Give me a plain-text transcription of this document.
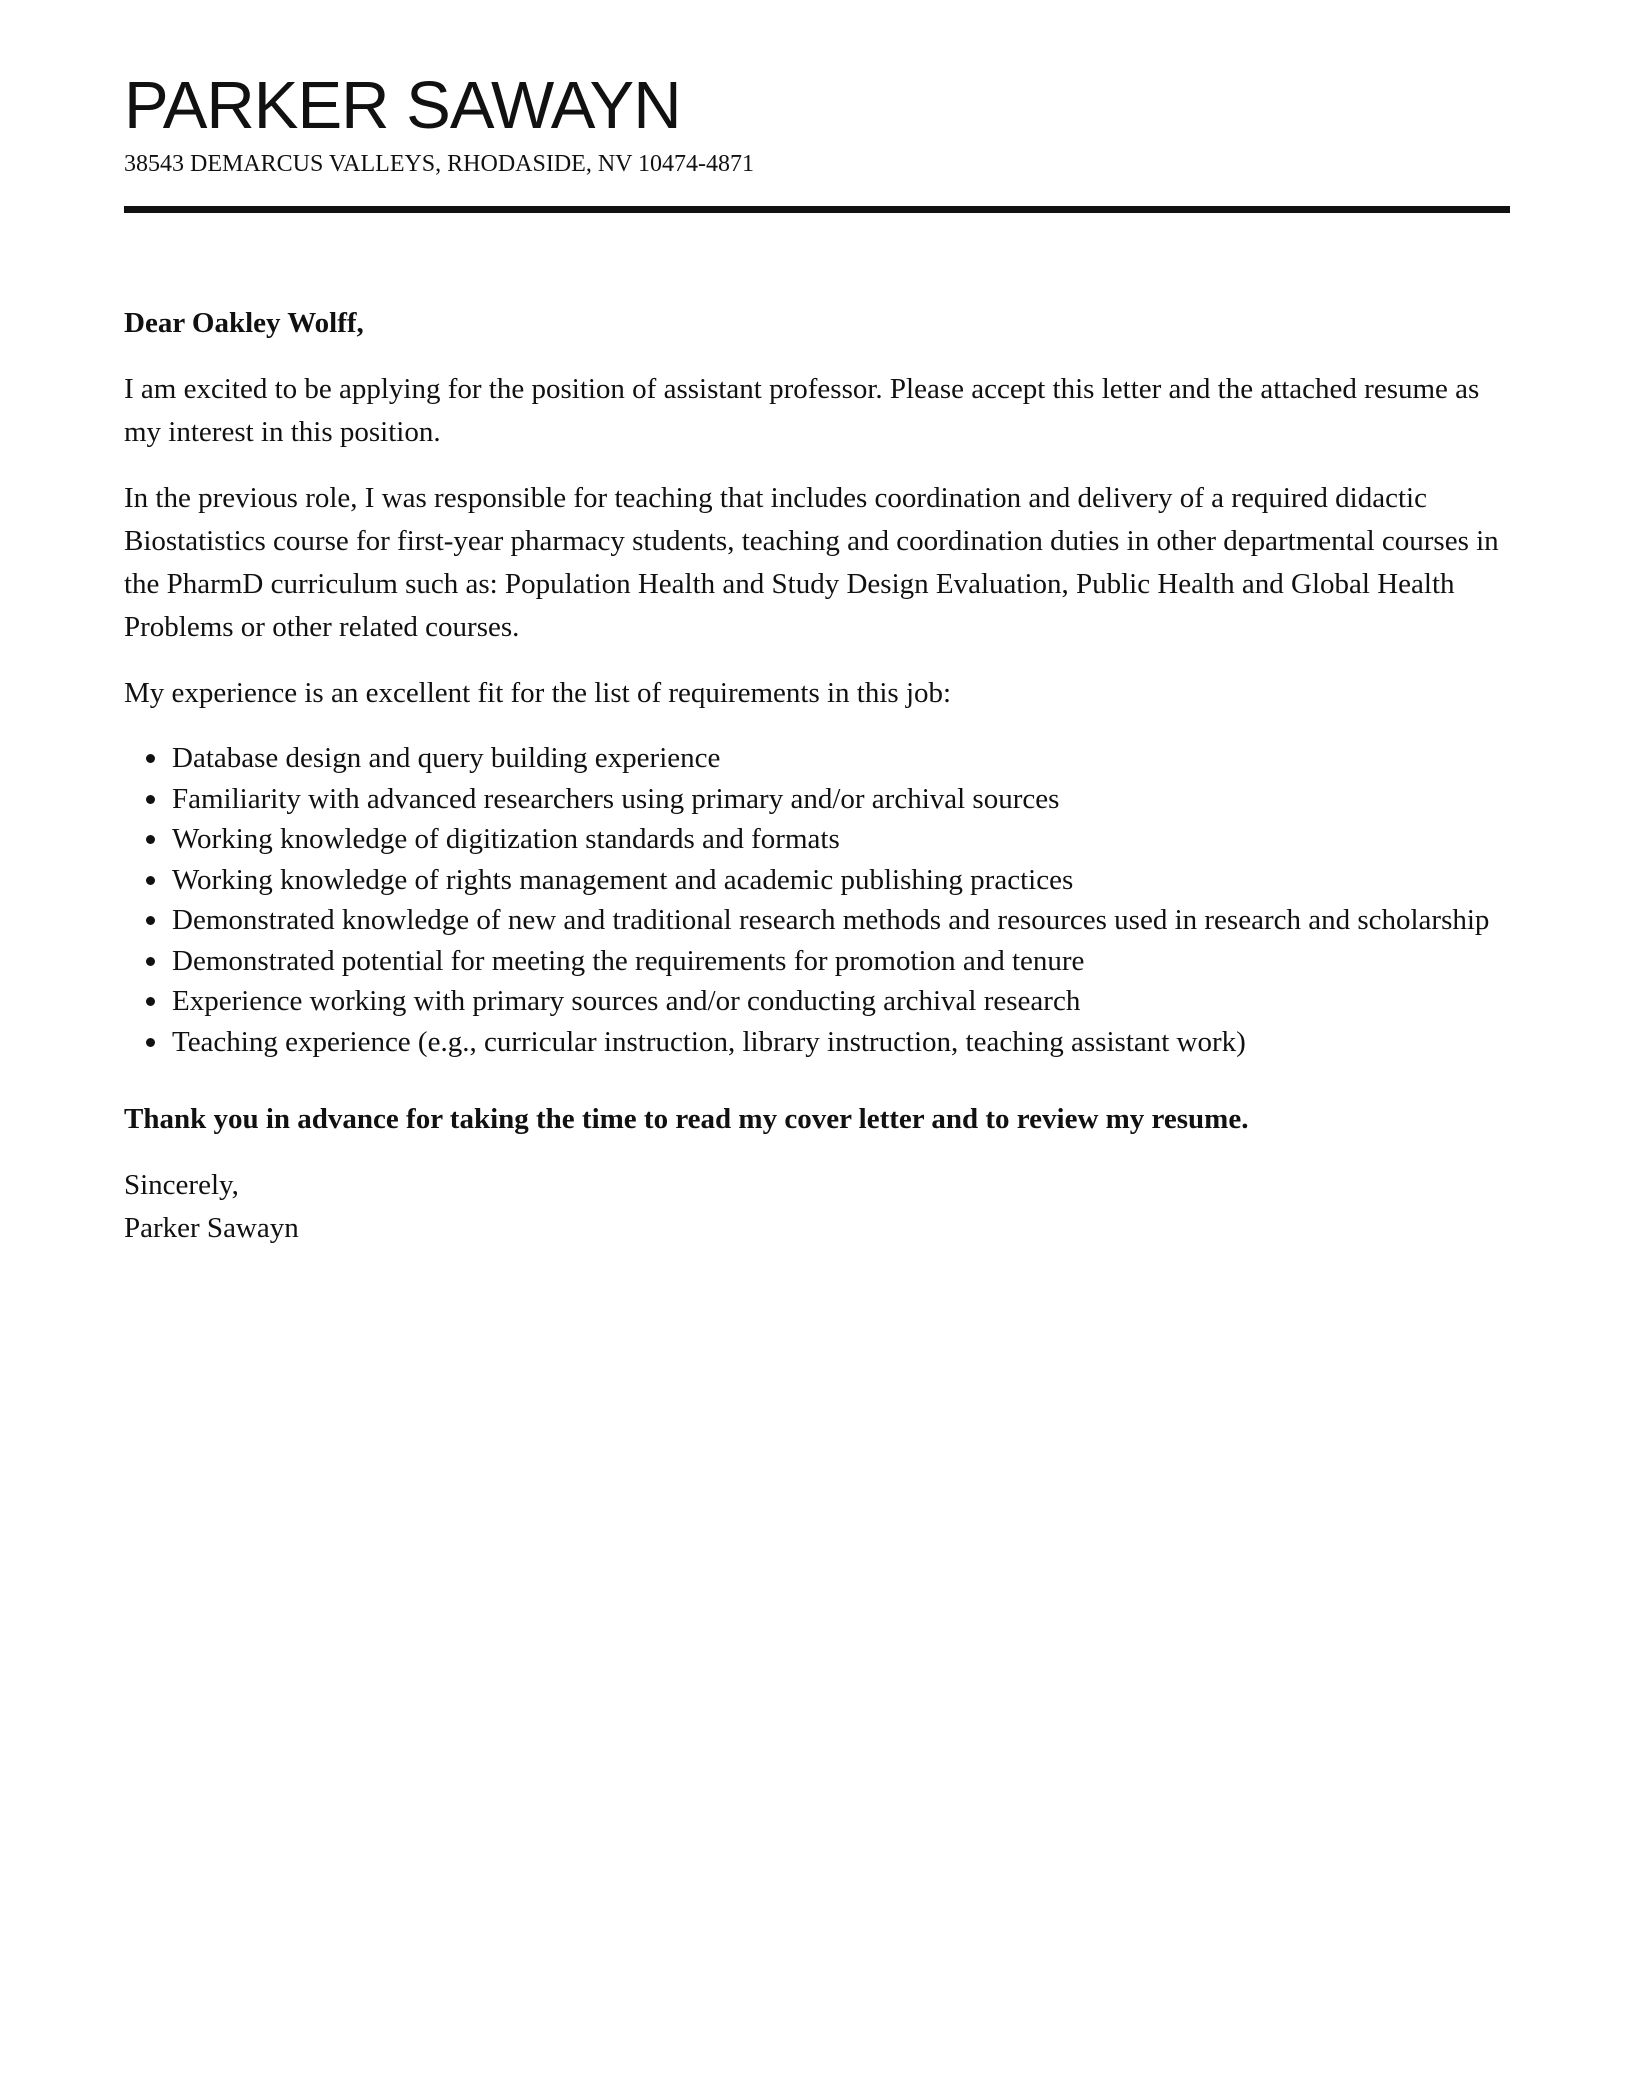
PARKER SAWAYN
38543 DEMARCUS VALLEYS, RHODASIDE, NV 10474-4871

Dear Oakley Wolff,

I am excited to be applying for the position of assistant professor. Please accept this letter and the attached resume as my interest in this position.

In the previous role, I was responsible for teaching that includes coordination and delivery of a required didactic Biostatistics course for first-year pharmacy students, teaching and coordination duties in other departmental courses in the PharmD curriculum such as: Population Health and Study Design Evaluation, Public Health and Global Health Problems or other related courses.

My experience is an excellent fit for the list of requirements in this job:

Database design and query building experience
Familiarity with advanced researchers using primary and/or archival sources
Working knowledge of digitization standards and formats
Working knowledge of rights management and academic publishing practices
Demonstrated knowledge of new and traditional research methods and resources used in research and scholarship
Demonstrated potential for meeting the requirements for promotion and tenure
Experience working with primary sources and/or conducting archival research
Teaching experience (e.g., curricular instruction, library instruction, teaching assistant work)

Thank you in advance for taking the time to read my cover letter and to review my resume.

Sincerely,
Parker Sawayn
